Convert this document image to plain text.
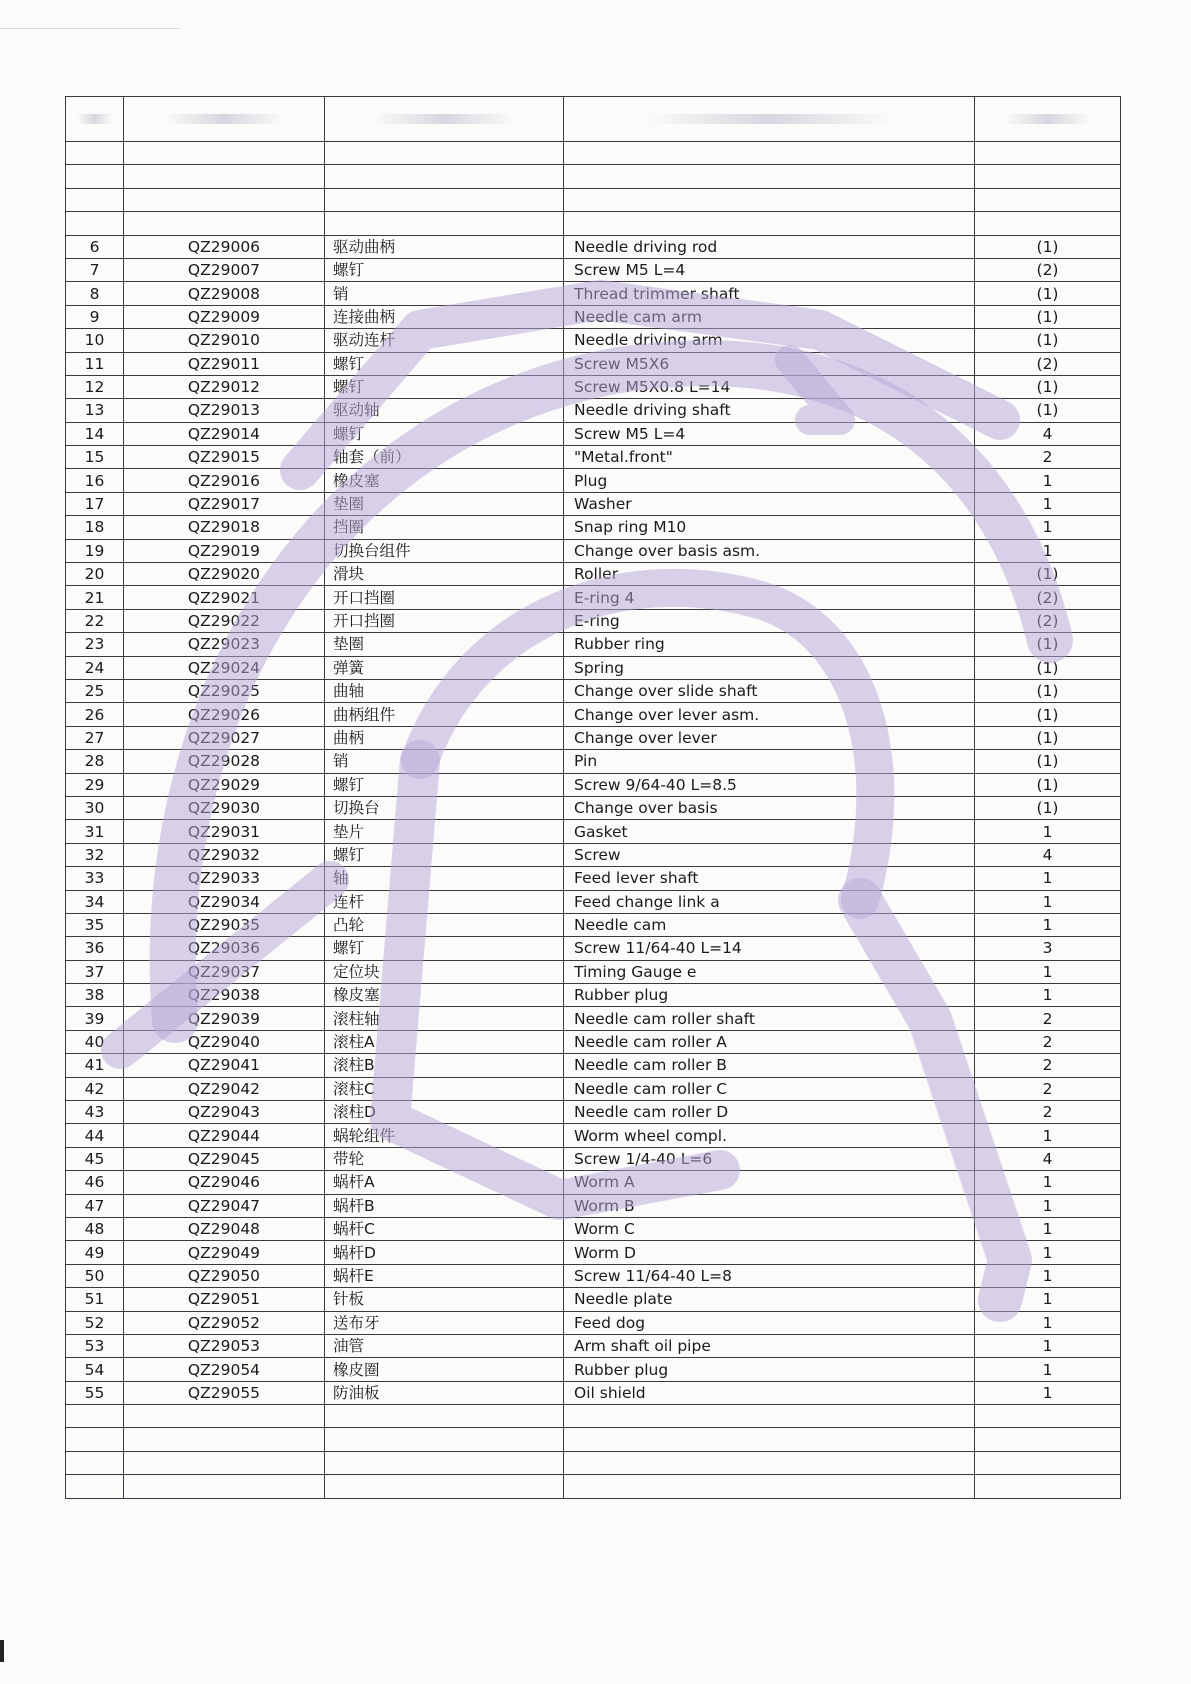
6	QZ29006	驱动曲柄	Needle driving rod	(1)
7	QZ29007	螺钉	Screw M5 L=4	(2)
8	QZ29008	销	Thread trimmer shaft	(1)
9	QZ29009	连接曲柄	Needle cam arm	(1)
10	QZ29010	驱动连杆	Needle driving arm	(1)
11	QZ29011	螺钉	Screw M5X6	(2)
12	QZ29012	螺钉	Screw M5X0.8 L=14	(1)
13	QZ29013	驱动轴	Needle driving shaft	(1)
14	QZ29014	螺钉	Screw M5 L=4	4
15	QZ29015	轴套（前）	"Metal.front"	2
16	QZ29016	橡皮塞	Plug	1
17	QZ29017	垫圈	Washer	1
18	QZ29018	挡圈	Snap ring M10	1
19	QZ29019	切换台组件	Change over basis asm.	1
20	QZ29020	滑块	Roller	(1)
21	QZ29021	开口挡圈	E-ring 4	(2)
22	QZ29022	开口挡圈	E-ring	(2)
23	QZ29023	垫圈	Rubber ring	(1)
24	QZ29024	弹簧	Spring	(1)
25	QZ29025	曲轴	Change over slide shaft	(1)
26	QZ29026	曲柄组件	Change over lever asm.	(1)
27	QZ29027	曲柄	Change over lever	(1)
28	QZ29028	销	Pin	(1)
29	QZ29029	螺钉	Screw 9/64-40 L=8.5	(1)
30	QZ29030	切换台	Change over basis	(1)
31	QZ29031	垫片	Gasket	1
32	QZ29032	螺钉	Screw	4
33	QZ29033	轴	Feed lever shaft	1
34	QZ29034	连杆	Feed change link a	1
35	QZ29035	凸轮	Needle cam	1
36	QZ29036	螺钉	Screw 11/64-40 L=14	3
37	QZ29037	定位块	Timing Gauge e	1
38	QZ29038	橡皮塞	Rubber plug	1
39	QZ29039	滚柱轴	Needle cam roller shaft	2
40	QZ29040	滚柱A	Needle cam roller A	2
41	QZ29041	滚柱B	Needle cam roller B	2
42	QZ29042	滚柱C	Needle cam roller C	2
43	QZ29043	滚柱D	Needle cam roller D	2
44	QZ29044	蜗轮组件	Worm wheel compl.	1
45	QZ29045	带轮	Screw 1/4-40 L=6	4
46	QZ29046	蜗杆A	Worm A	1
47	QZ29047	蜗杆B	Worm B	1
48	QZ29048	蜗杆C	Worm C	1
49	QZ29049	蜗杆D	Worm D	1
50	QZ29050	蜗杆E	Screw 11/64-40 L=8	1
51	QZ29051	针板	Needle plate	1
52	QZ29052	送布牙	Feed dog	1
53	QZ29053	油管	Arm shaft oil pipe	1
54	QZ29054	橡皮圈	Rubber plug	1
55	QZ29055	防油板	Oil shield	1
